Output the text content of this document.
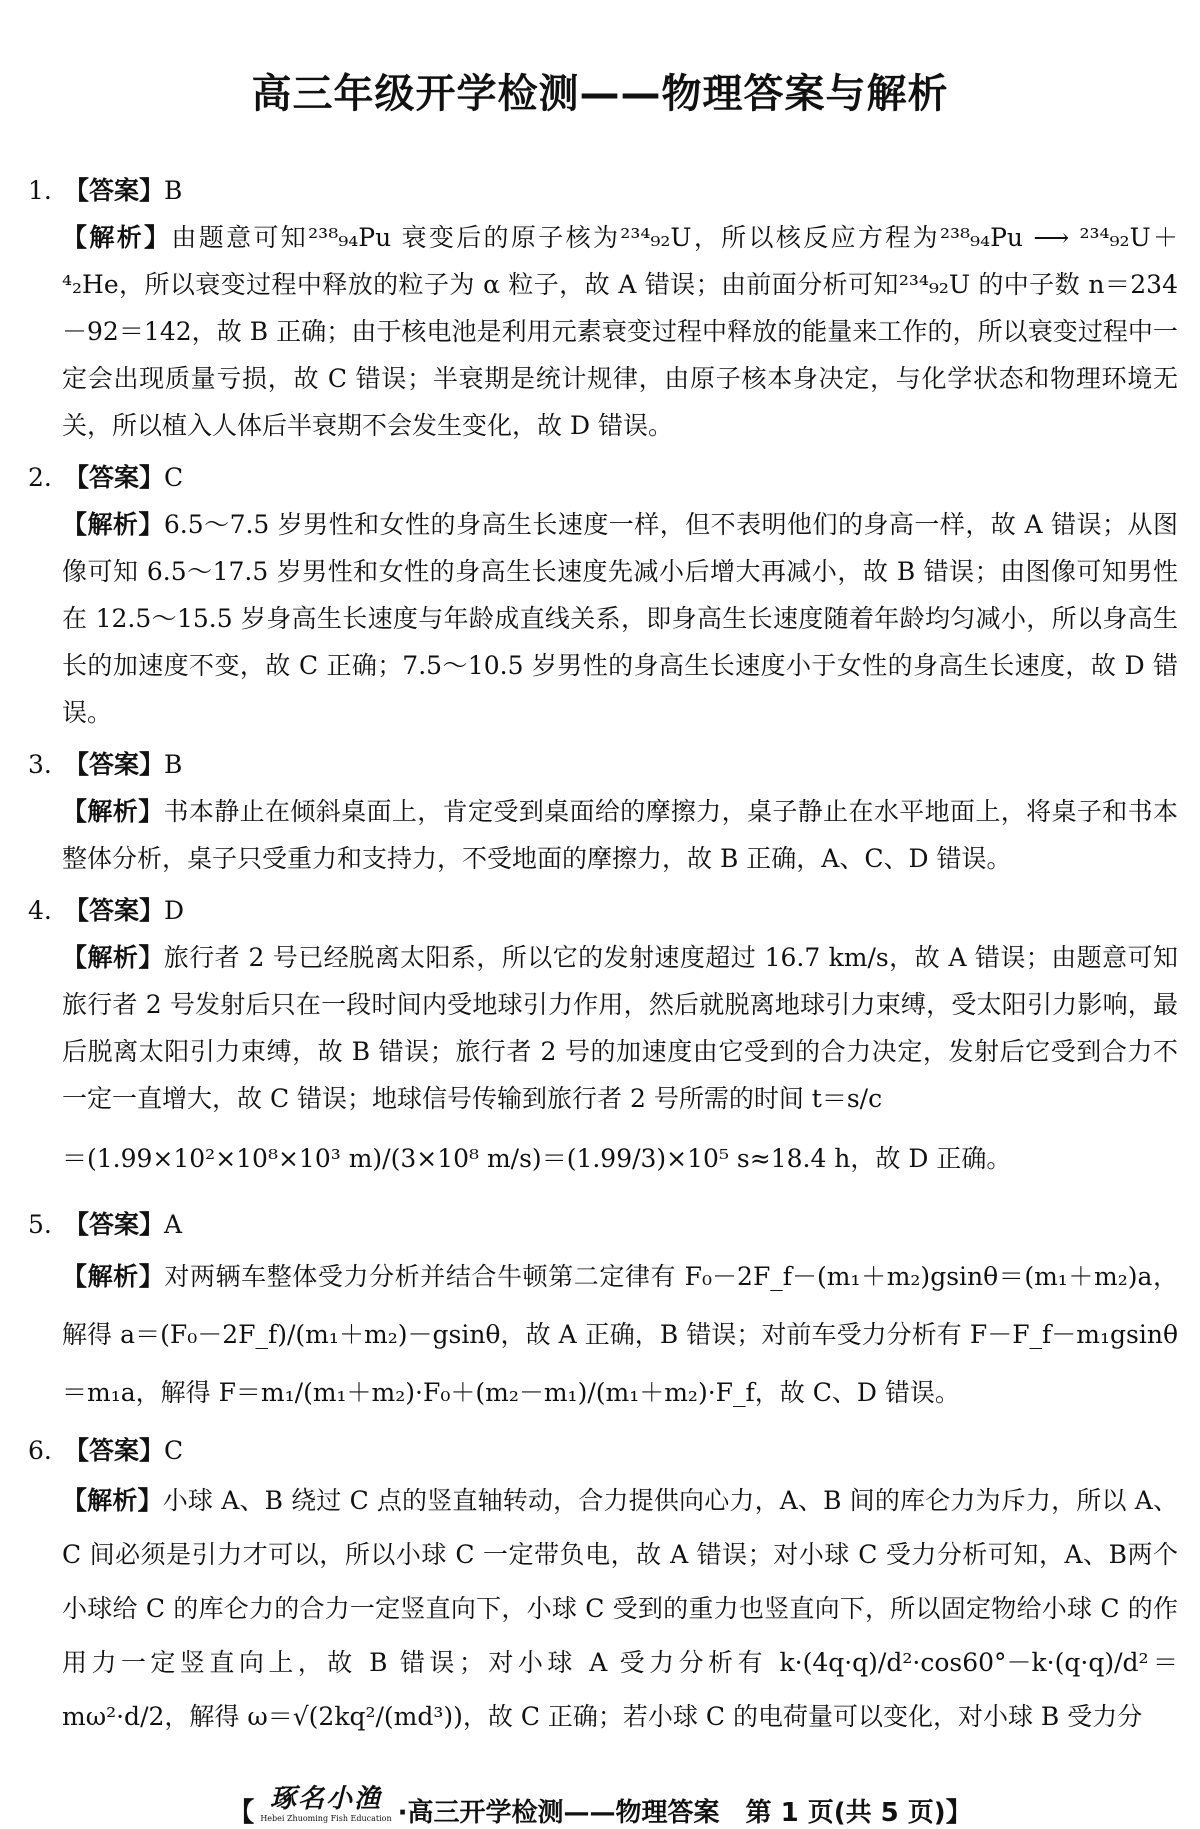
高三年级开学检测——物理答案与解析
1. 【答案】B
【解析】由题意可知²³⁸₉₄Pu 衰变后的原子核为²³⁴₉₂U，所以核反应方程为²³⁸₉₄Pu ⟶ ²³⁴₉₂U＋⁴₂He，所以衰变过程中释放的粒子为 α 粒子，故 A 错误；由前面分析可知²³⁴₉₂U 的中子数 n＝234－92＝142，故 B 正确；由于核电池是利用元素衰变过程中释放的能量来工作的，所以衰变过程中一定会出现质量亏损，故 C 错误；半衰期是统计规律，由原子核本身决定，与化学状态和物理环境无关，所以植入人体后半衰期不会发生变化，故 D 错误。
2. 【答案】C
【解析】6.5～7.5 岁男性和女性的身高生长速度一样，但不表明他们的身高一样，故 A 错误；从图像可知 6.5～17.5 岁男性和女性的身高生长速度先减小后增大再减小，故 B 错误；由图像可知男性在 12.5～15.5 岁身高生长速度与年龄成直线关系，即身高生长速度随着年龄均匀减小，所以身高生长的加速度不变，故 C 正确；7.5～10.5 岁男性的身高生长速度小于女性的身高生长速度，故 D 错误。
3. 【答案】B
【解析】书本静止在倾斜桌面上，肯定受到桌面给的摩擦力，桌子静止在水平地面上，将桌子和书本整体分析，桌子只受重力和支持力，不受地面的摩擦力，故 B 正确，A、C、D 错误。
4. 【答案】D
【解析】旅行者 2 号已经脱离太阳系，所以它的发射速度超过 16.7 km/s，故 A 错误；由题意可知旅行者 2 号发射后只在一段时间内受地球引力作用，然后就脱离地球引力束缚，受太阳引力影响，最后脱离太阳引力束缚，故 B 错误；旅行者 2 号的加速度由它受到的合力决定，发射后它受到合力不一定一直增大，故 C 错误；地球信号传输到旅行者 2 号所需的时间 t＝s/c
＝(1.99×10²×10⁸×10³ m)/(3×10⁸ m/s)＝(1.99/3)×10⁵ s≈18.4 h，故 D 正确。
5. 【答案】A
【解析】对两辆车整体受力分析并结合牛顿第二定律有 F₀－2F_f－(m₁＋m₂)gsinθ＝(m₁＋m₂)a，解得 a＝(F₀－2F_f)/(m₁＋m₂)－gsinθ，故 A 正确，B 错误；对前车受力分析有 F－F_f－m₁gsinθ＝m₁a，解得 F＝m₁/(m₁＋m₂)·F₀＋(m₂－m₁)/(m₁＋m₂)·F_f，故 C、D 错误。
6. 【答案】C
【解析】小球 A、B 绕过 C 点的竖直轴转动，合力提供向心力，A、B 间的库仑力为斥力，所以 A、C 间必须是引力才可以，所以小球 C 一定带负电，故 A 错误；对小球 C 受力分析可知，A、B两个小球给 C 的库仑力的合力一定竖直向下，小球 C 受到的重力也竖直向下，所以固定物给小球 C 的作用力一定竖直向上，故 B 错误；对小球 A 受力分析有 k·(4q·q)/d²·cos60°－k·(q·q)/d²＝mω²·d/2，解得 ω＝√(2kq²/(md³))，故 C 正确；若小球 C 的电荷量可以变化，对小球 B 受力分
【 琢名小渔
Hebei Zhuoming Fish Education ·高三开学检测——物理答案　第 1 页(共 5 页)】
